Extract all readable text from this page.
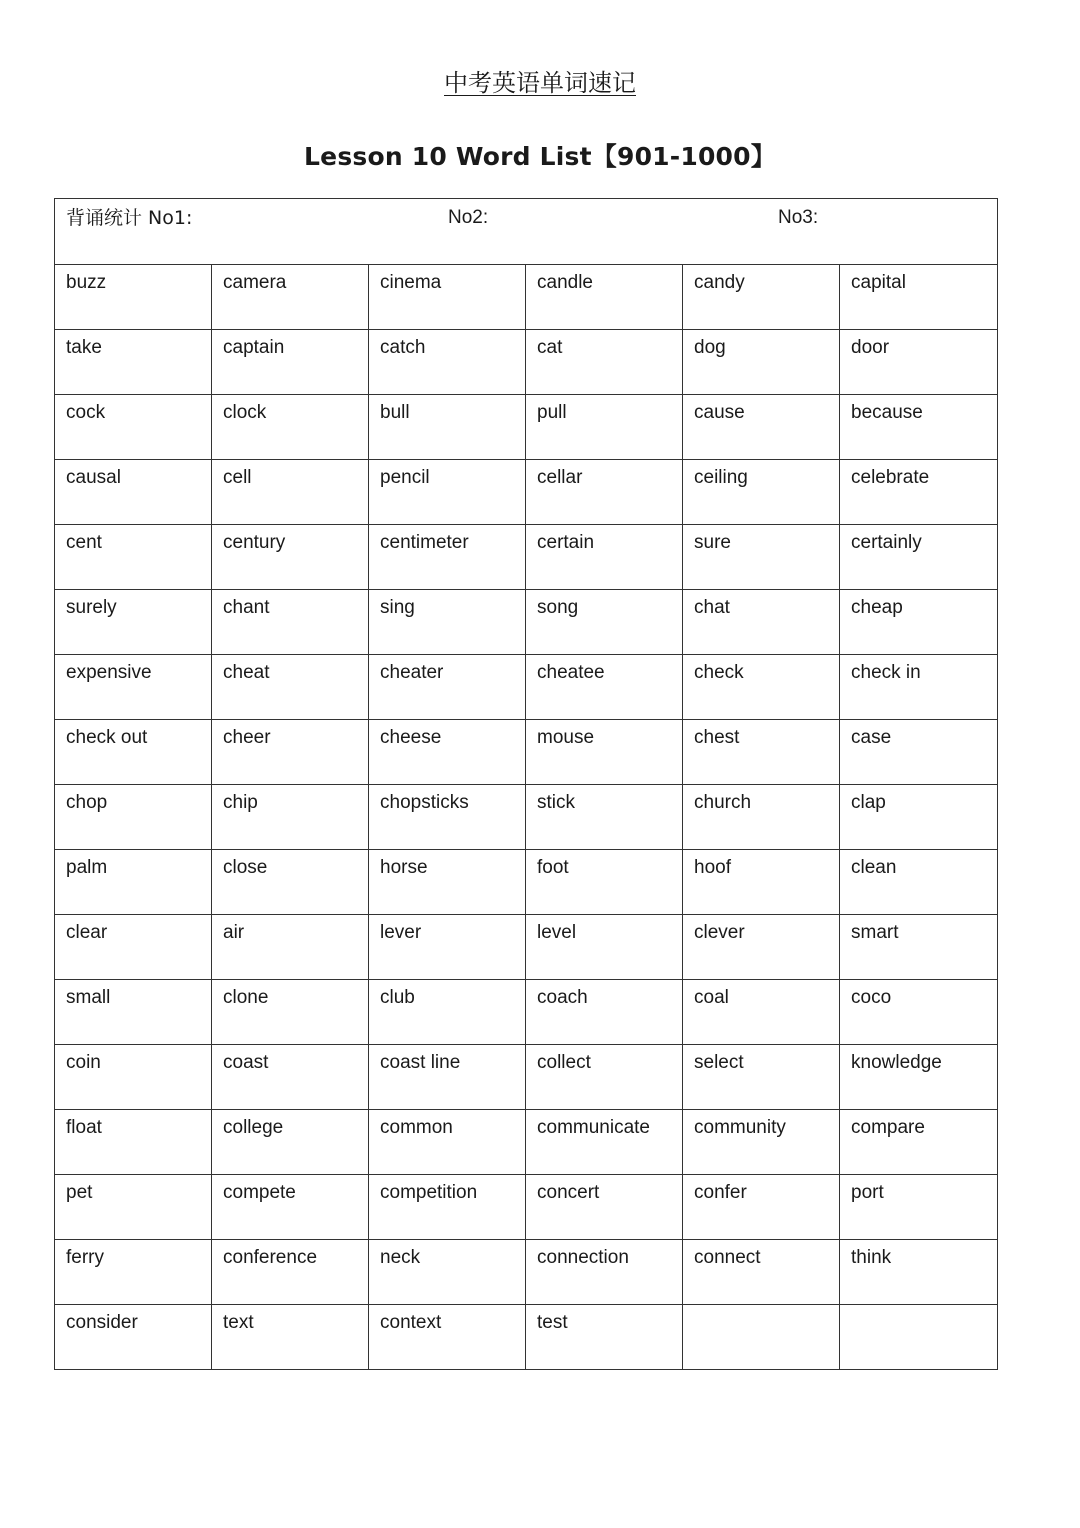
中考英语单词速记
Lesson 10 Word List【901-1000】
背诵统计 No1: No2: No3:					

buzz	camera	cinema	candle	candy	capital
take	captain	catch	cat	dog	door
cock	clock	bull	pull	cause	because
causal	cell	pencil	cellar	ceiling	celebrate
cent	century	centimeter	certain	sure	certainly
surely	chant	sing	song	chat	cheap
expensive	cheat	cheater	cheatee	check	check in
check out	cheer	cheese	mouse	chest	case
chop	chip	chopsticks	stick	church	clap
palm	close	horse	foot	hoof	clean
clear	air	lever	level	clever	smart
small	clone	club	coach	coal	coco
coin	coast	coast line	collect	select	knowledge
float	college	common	communicate	community	compare
pet	compete	competition	concert	confer	port
ferry	conference	neck	connection	connect	think
consider	text	context	test		
